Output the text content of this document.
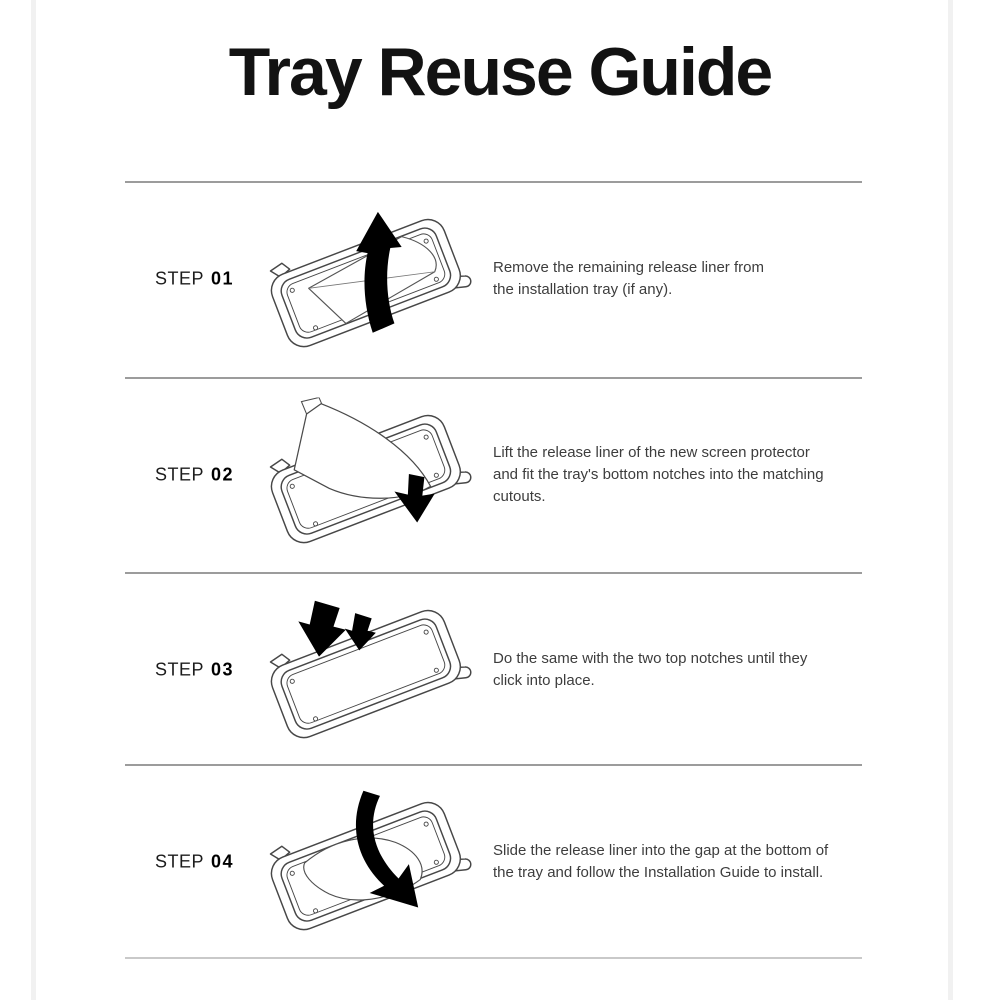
Tray Reuse Guide
STEP 01
Remove the remaining release liner from
the installation tray (if any).
STEP 02
Lift the release liner of the new screen protector
and fit the tray's bottom notches into the matching
cutouts.
STEP 03
Do the same with the two top notches until they
click into place.
STEP 04
Slide the release liner into the gap at the bottom of
the tray and follow the Installation Guide to install.
